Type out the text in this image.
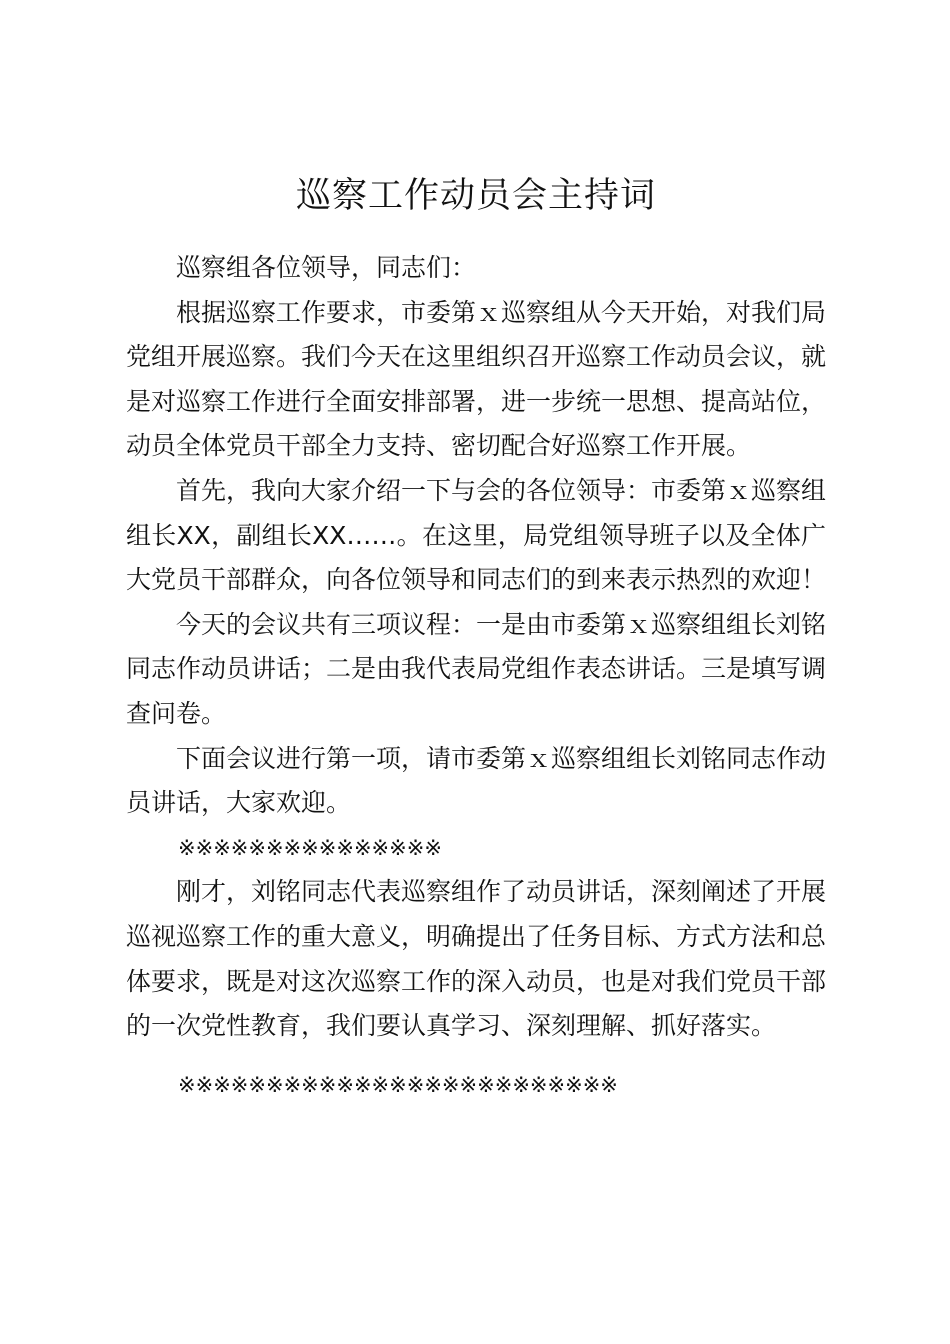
巡察工作动员会主持词

巡察组各位领导，同志们：

根据巡察工作要求，市委第ｘ巡察组从今天开始，对我们局党组开展巡察。我们今天在这里组织召开巡察工作动员会议，就是对巡察工作进行全面安排部署，进一步统一思想、提高站位，动员全体党员干部全力支持、密切配合好巡察工作开展。

首先，我向大家介绍一下与会的各位领导：市委第ｘ巡察组组长XX，副组长XX……。在这里，局党组领导班子以及全体广大党员干部群众，向各位领导和同志们的到来表示热烈的欢迎！

今天的会议共有三项议程：一是由市委第ｘ巡察组组长刘铭同志作动员讲话；二是由我代表局党组作表态讲话。三是填写调查问卷。

下面会议进行第一项，请市委第ｘ巡察组组长刘铭同志作动员讲话，大家欢迎。

※※※※※※※※※※※※※※※

刚才，刘铭同志代表巡察组作了动员讲话，深刻阐述了开展巡视巡察工作的重大意义，明确提出了任务目标、方式方法和总体要求，既是对这次巡察工作的深入动员，也是对我们党员干部的一次党性教育，我们要认真学习、深刻理解、抓好落实。

※※※※※※※※※※※※※※※※※※※※※※※※※
